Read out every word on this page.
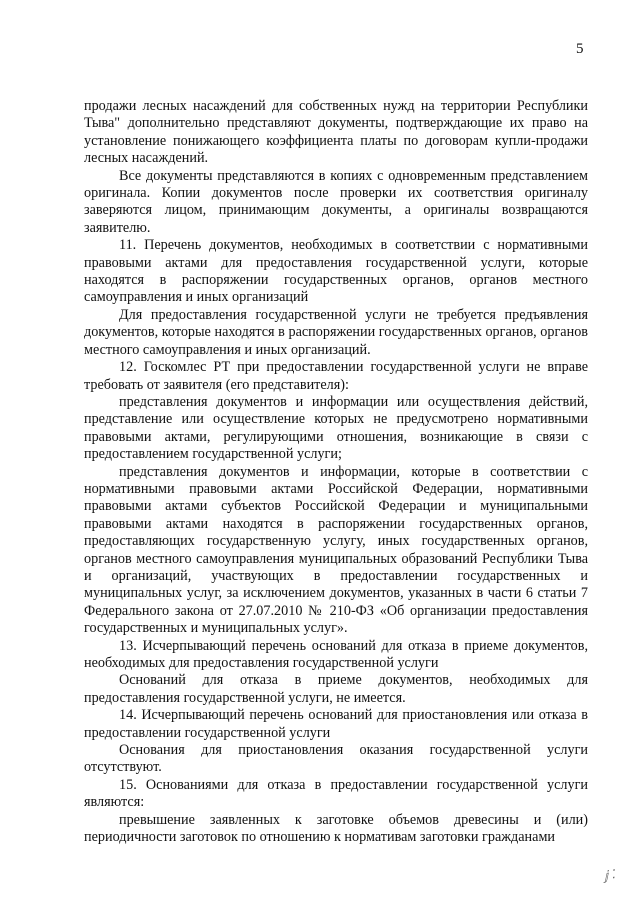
5

продажи лесных насаждений для собственных нужд на территории Республики Тыва" дополнительно представляют документы, подтверждающие их право на установление понижающего коэффициента платы по договорам купли-продажи лесных насаждений.

Все документы представляются в копиях с одновременным представлением оригинала. Копии документов после проверки их соответствия оригиналу заверяются лицом, принимающим документы, а оригиналы возвращаются заявителю.

11. Перечень документов, необходимых в соответствии с нормативными правовыми актами для предоставления государственной услуги, которые находятся в распоряжении государственных органов, органов местного самоуправления и иных организаций

Для предоставления государственной услуги не требуется предъявления документов, которые находятся в распоряжении государственных органов, органов местного самоуправления и иных организаций.

12. Госкомлес РТ при предоставлении государственной услуги не вправе требовать от заявителя (его представителя):

представления документов и информации или осуществления действий, представление или осуществление которых не предусмотрено нормативными правовыми актами, регулирующими отношения, возникающие в связи с предоставлением государственной услуги;

представления документов и информации, которые в соответствии с нормативными правовыми актами Российской Федерации, нормативными правовыми актами субъектов Российской Федерации и муниципальными правовыми актами находятся в распоряжении государственных органов, предоставляющих государственную услугу, иных государственных органов, органов местного самоуправления муниципальных образований Республики Тыва и организаций, участвующих в предоставлении государственных и муниципальных услуг, за исключением документов, указанных в части 6 статьи 7 Федерального закона от 27.07.2010 № 210-ФЗ «Об организации предоставления государственных и муниципальных услуг».

13. Исчерпывающий перечень оснований для отказа в приеме документов, необходимых для предоставления государственной услуги

Оснований для отказа в приеме документов, необходимых для предоставления государственной услуги, не имеется.

14. Исчерпывающий перечень оснований для приостановления или отказа в предоставлении государственной услуги

Основания для приостановления оказания государственной услуги отсутствуют.

15. Основаниями для отказа в предоставлении государственной услуги являются:

превышение заявленных к заготовке объемов древесины и (или) периодичности заготовок по отношению к нормативам заготовки гражданами

ⅉ ⁚
